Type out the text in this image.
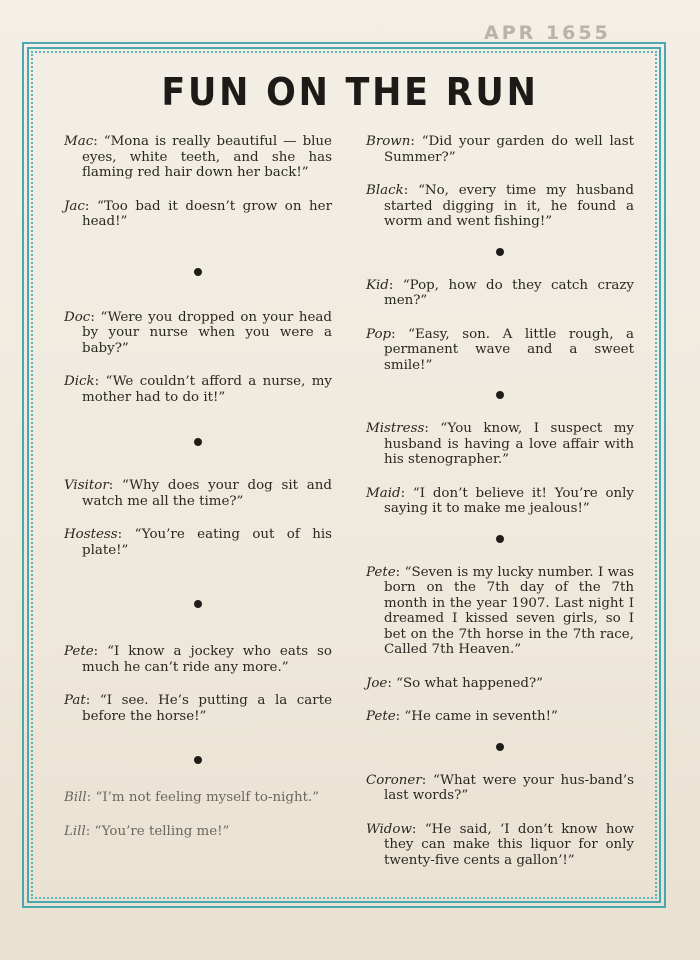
APR 1655
FUN ON THE RUN

Mac: “Mona is really beautiful — blue eyes, white teeth, and she has flaming red hair down her back!”

Jac: “Too bad it doesn’t grow on her head!”

Doc: “Were you dropped on your head by your nurse when you were a baby?”

Dick: “We couldn’t afford a nurse, my mother had to do it!”

Visitor: “Why does your dog sit and watch me all the time?”

Hostess: “You’re eating out of his plate!”

Pete: “I know a jockey who eats so much he can’t ride any more.”

Pat: “I see. He’s putting a la carte before the horse!”

Bill: “I’m not feeling myself to-night.”

Lill: “You’re telling me!”

Brown: “Did your garden do well last Summer?”

Black: “No, every time my husband started digging in it, he found a worm and went fishing!”

Kid: “Pop, how do they catch crazy men?”

Pop: “Easy, son. A little rough, a permanent wave and a sweet smile!”

Mistress: “You know, I suspect my husband is having a love affair with his stenographer.”

Maid: “I don’t believe it! You’re only saying it to make me jealous!”

Pete: “Seven is my lucky number. I was born on the 7th day of the 7th month in the year 1907. Last night I dreamed I kissed seven girls, so I bet on the 7th horse in the 7th race, Called 7th Heaven.”

Joe: “So what happened?”

Pete: “He came in seventh!”

Coroner: “What were your hus-band’s last words?”

Widow: “He said, ‘I don’t know how they can make this liquor for only twenty-five cents a gallon’!”
